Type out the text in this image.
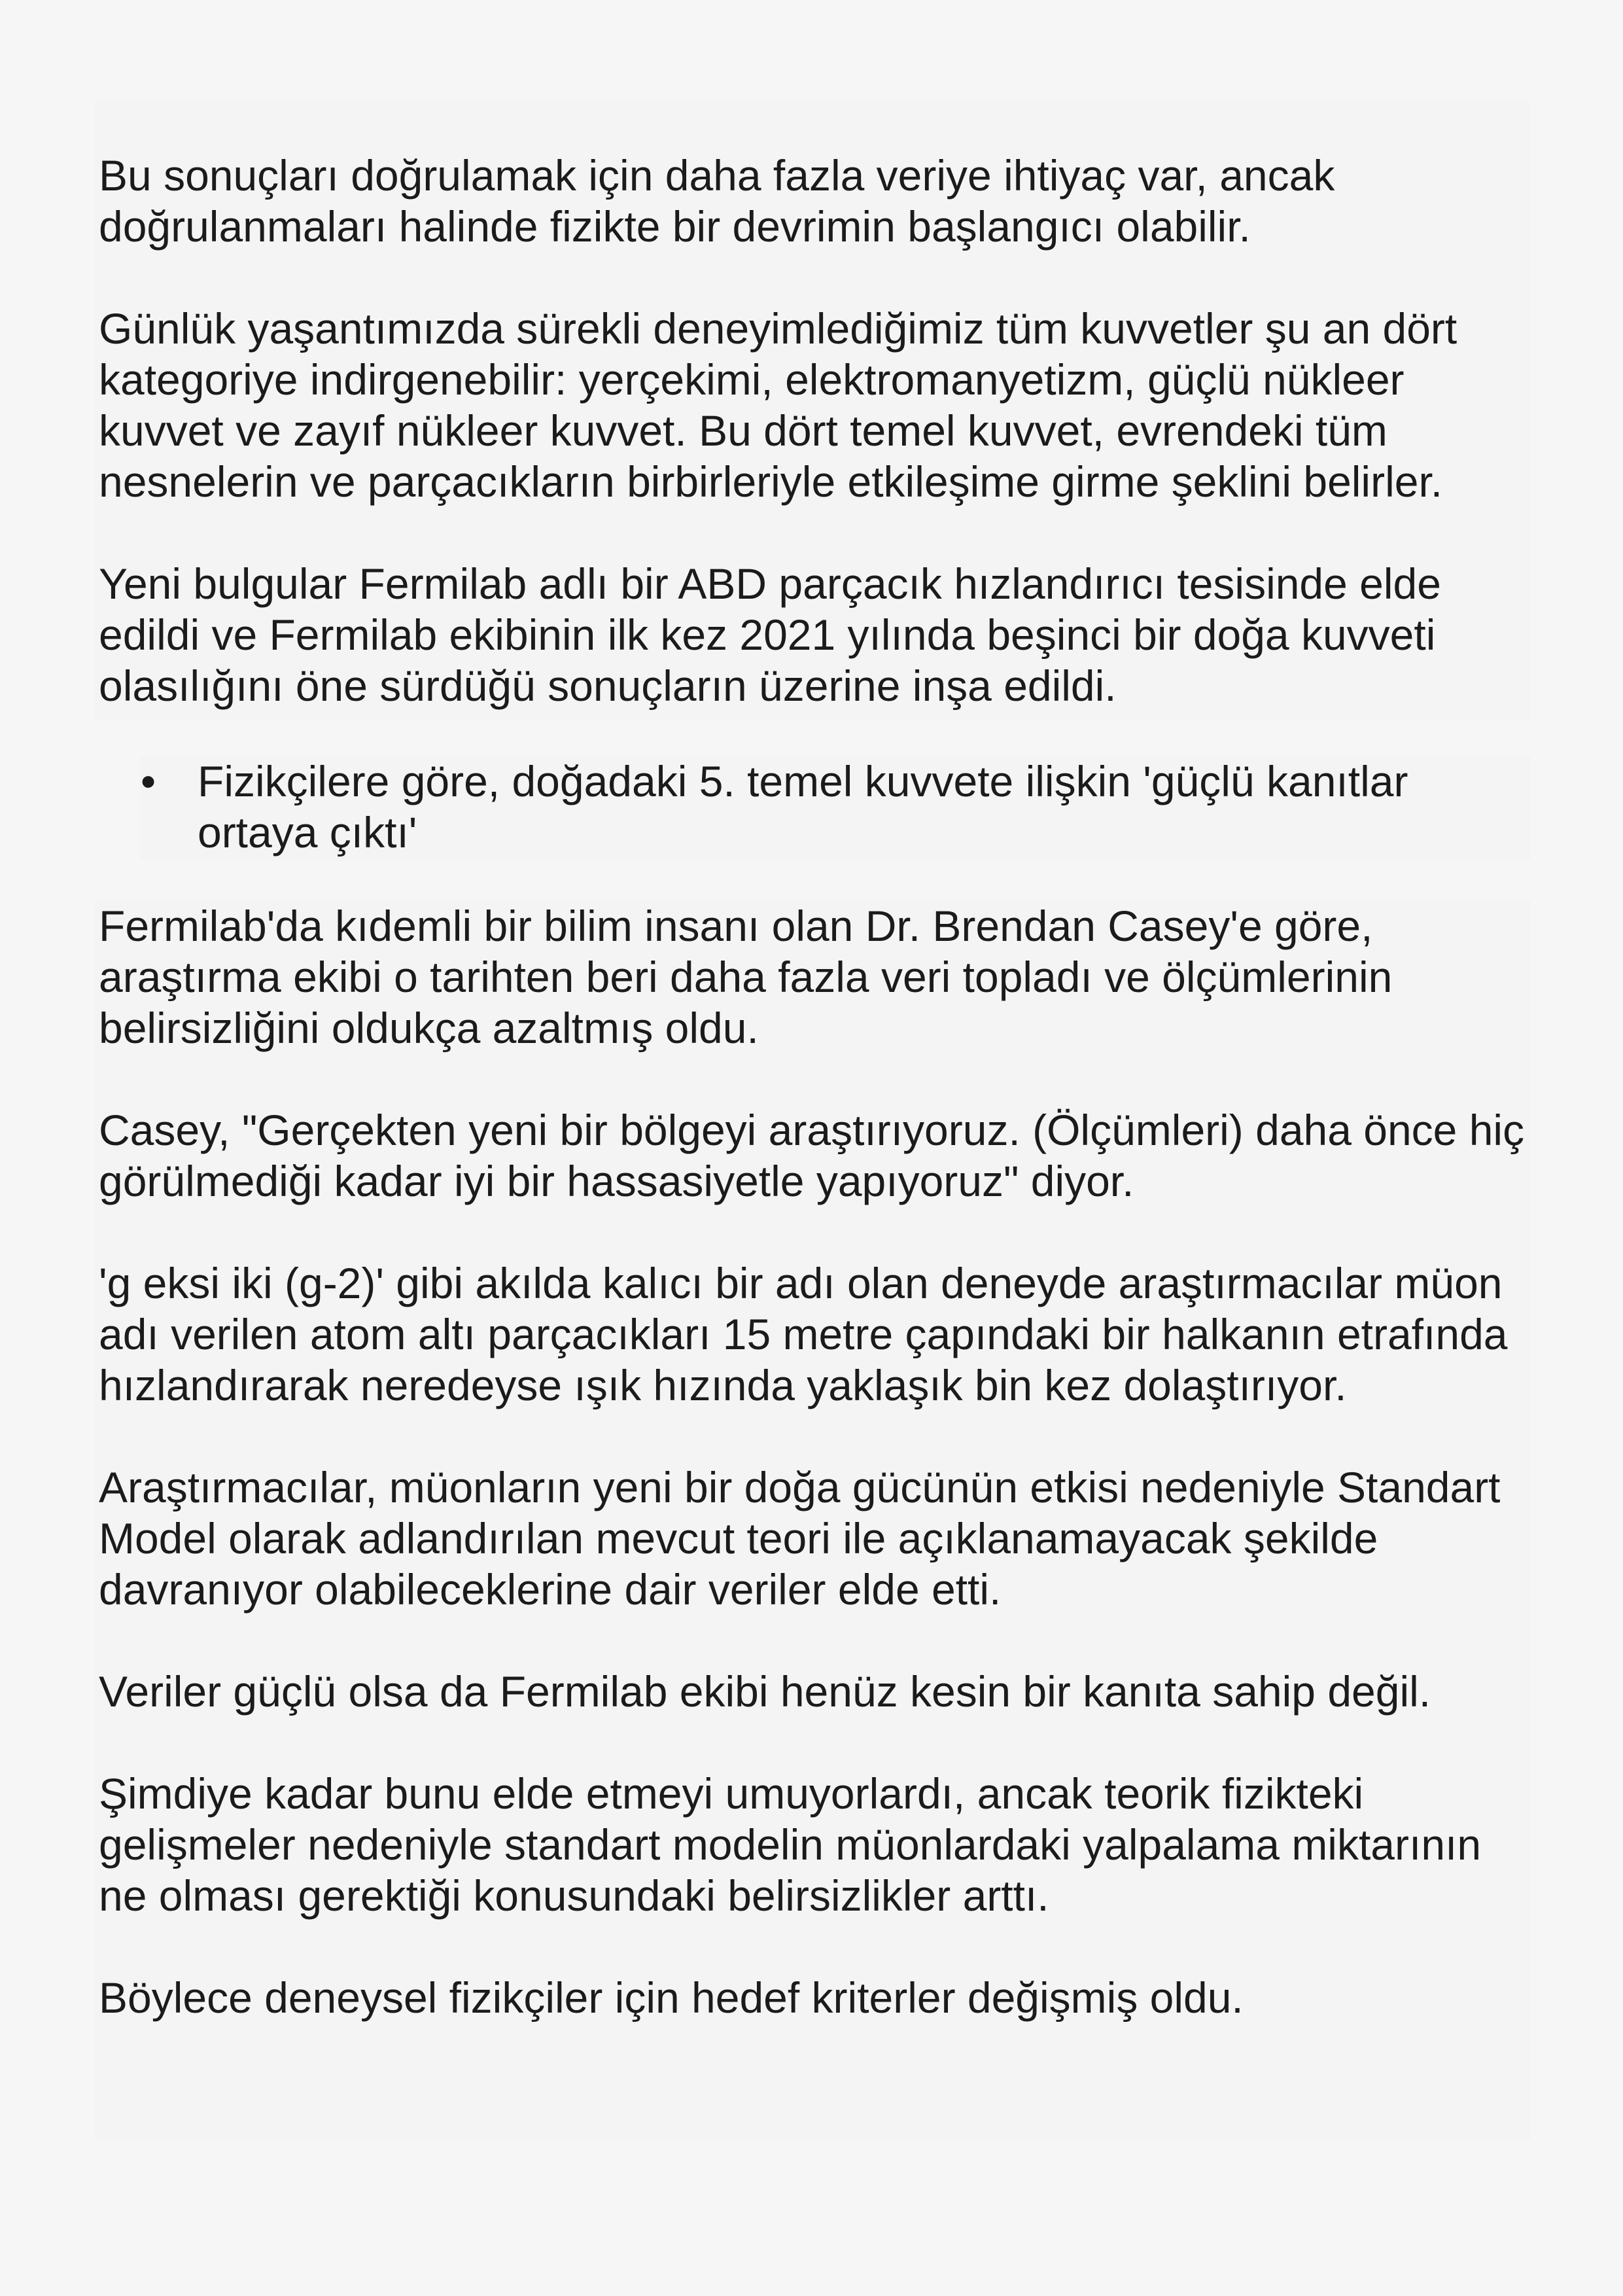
Bu sonuçları doğrulamak için daha fazla veriye ihtiyaç var, ancak doğrulanmaları halinde fizikte bir devrimin başlangıcı olabilir.

Günlük yaşantımızda sürekli deneyimlediğimiz tüm kuvvetler şu an dört kategoriye indirgenebilir: yerçekimi, elektromanyetizm, güçlü nükleer kuvvet ve zayıf nükleer kuvvet. Bu dört temel kuvvet, evrendeki tüm nesnelerin ve parçacıkların birbirleriyle etkileşime girme şeklini belirler.

Yeni bulgular Fermilab adlı bir ABD parçacık hızlandırıcı tesisinde elde edildi ve Fermilab ekibinin ilk kez 2021 yılında beşinci bir doğa kuvveti olasılığını öne sürdüğü sonuçların üzerine inşa edildi.

• Fizikçilere göre, doğadaki 5. temel kuvvete ilişkin 'güçlü kanıtlar ortaya çıktı'

Fermilab'da kıdemli bir bilim insanı olan Dr. Brendan Casey'e göre, araştırma ekibi o tarihten beri daha fazla veri topladı ve ölçümlerinin belirsizliğini oldukça azaltmış oldu.

Casey, "Gerçekten yeni bir bölgeyi araştırıyoruz. (Ölçümleri) daha önce hiç görülmediği kadar iyi bir hassasiyetle yapıyoruz" diyor.

'g eksi iki (g-2)' gibi akılda kalıcı bir adı olan deneyde araştırmacılar müon adı verilen atom altı parçacıkları 15 metre çapındaki bir halkanın etrafında hızlandırarak neredeyse ışık hızında yaklaşık bin kez dolaştırıyor.

Araştırmacılar, müonların yeni bir doğa gücünün etkisi nedeniyle Standart Model olarak adlandırılan mevcut teori ile açıklanamayacak şekilde davranıyor olabileceklerine dair veriler elde etti.

Veriler güçlü olsa da Fermilab ekibi henüz kesin bir kanıta sahip değil.

Şimdiye kadar bunu elde etmeyi umuyorlardı, ancak teorik fizikteki gelişmeler nedeniyle standart modelin müonlardaki yalpalama miktarının ne olması gerektiği konusundaki belirsizlikler arttı.

Böylece deneysel fizikçiler için hedef kriterler değişmiş oldu.
